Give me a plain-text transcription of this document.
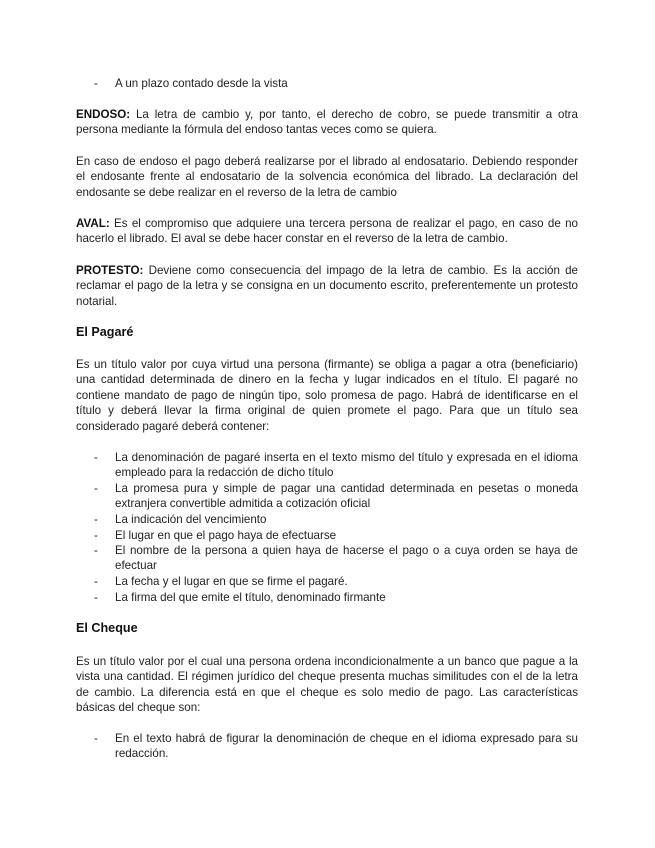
- A un plazo contado desde la vista

ENDOSO: La letra de cambio y, por tanto, el derecho de cobro, se puede transmitir a otra persona mediante la fórmula del endoso tantas veces como se quiera.

En caso de endoso el pago deberá realizarse por el librado al endosatario. Debiendo responder el endosante frente al endosatario de la solvencia económica del librado. La declaración del endosante se debe realizar en el reverso de la letra de cambio

AVAL: Es el compromiso que adquiere una tercera persona de realizar el pago, en caso de no hacerlo el librado. El aval se debe hacer constar en el reverso de la letra de cambio.

PROTESTO: Deviene como consecuencia del impago de la letra de cambio. Es la acción de reclamar el pago de la letra y se consigna en un documento escrito, preferentemente un protesto notarial.

El Pagaré

Es un título valor por cuya virtud una persona (firmante) se obliga a pagar a otra (beneficiario) una cantidad determinada de dinero en la fecha y lugar indicados en el título. El pagaré no contiene mandato de pago de ningún tipo, solo promesa de pago. Habrá de identificarse en el título y deberá llevar la firma original de quien promete el pago. Para que un título sea considerado pagaré deberá contener:

- La denominación de pagaré inserta en el texto mismo del título y expresada en el idioma empleado para la redacción de dicho título
- La promesa pura y simple de pagar una cantidad determinada en pesetas o moneda extranjera convertible admitida a cotización oficial
- La indicación del vencimiento
- El lugar en que el pago haya de efectuarse
- El nombre de la persona a quien haya de hacerse el pago o a cuya orden se haya de efectuar
- La fecha y el lugar en que se firme el pagaré.
- La firma del que emite el título, denominado firmante
El Cheque

Es un título valor por el cual una persona ordena incondicionalmente a un banco que pague a la vista una cantidad. El régimen jurídico del cheque presenta muchas similitudes con el de la letra de cambio. La diferencia está en que el cheque es solo medio de pago. Las características básicas del cheque son:

- En el texto habrá de figurar la denominación de cheque en el idioma expresado para su redacción.
